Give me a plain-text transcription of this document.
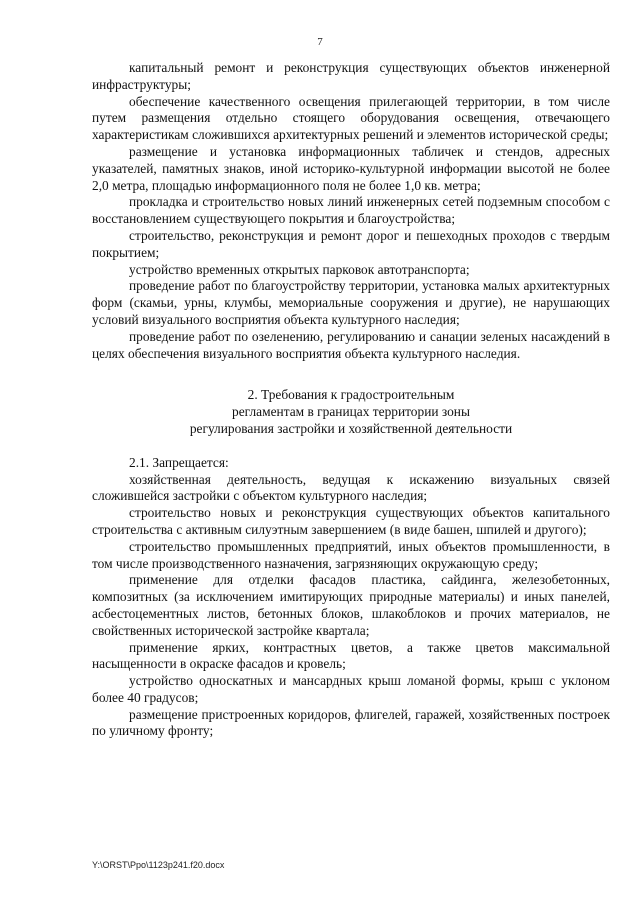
7

капитальный ремонт и реконструкция существующих объектов инженерной инфраструктуры;

обеспечение качественного освещения прилегающей территории, в том числе путем размещения отдельно стоящего оборудования освещения, отвечающего характеристикам сложившихся архитектурных решений и элементов исторической среды;

размещение и установка информационных табличек и стендов, адресных указателей, памятных знаков, иной историко-культурной информации высотой не более 2,0 метра, площадью информационного поля не более 1,0 кв. метра;

прокладка и строительство новых линий инженерных сетей подземным способом с восстановлением существующего покрытия и благоустройства;

строительство, реконструкция и ремонт дорог и пешеходных проходов с твердым покрытием;

устройство временных открытых парковок автотранспорта;

проведение работ по благоустройству территории, установка малых архитектурных форм (скамьи, урны, клумбы, мемориальные сооружения и другие), не нарушающих условий визуального восприятия объекта культурного наследия;

проведение работ по озеленению, регулированию и санации зеленых насаждений в целях обеспечения визуального восприятия объекта культурного наследия.

2. Требования к градостроительным

регламентам в границах территории зоны

регулирования застройки и хозяйственной деятельности

2.1. Запрещается:

хозяйственная деятельность, ведущая к искажению визуальных связей сложившейся застройки с объектом культурного наследия;

строительство новых и реконструкция существующих объектов капитального строительства с активным силуэтным завершением (в виде башен, шпилей и другого);

строительство промышленных предприятий, иных объектов промышленности, в том числе производственного назначения, загрязняющих окружающую среду;

применение для отделки фасадов пластика, сайдинга, железобетонных, композитных (за исключением имитирующих природные материалы) и иных панелей, асбестоцементных листов, бетонных блоков, шлакоблоков и прочих материалов, не свойственных исторической застройке квартала;

применение ярких, контрастных цветов, а также цветов максимальной насыщенности в окраске фасадов и кровель;

устройство односкатных и мансардных крыш ломаной формы, крыш с уклоном более 40 градусов;

размещение пристроенных коридоров, флигелей, гаражей, хозяйственных построек по уличному фронту;

Y:\ORST\Ppo\1123p241.f20.docx
